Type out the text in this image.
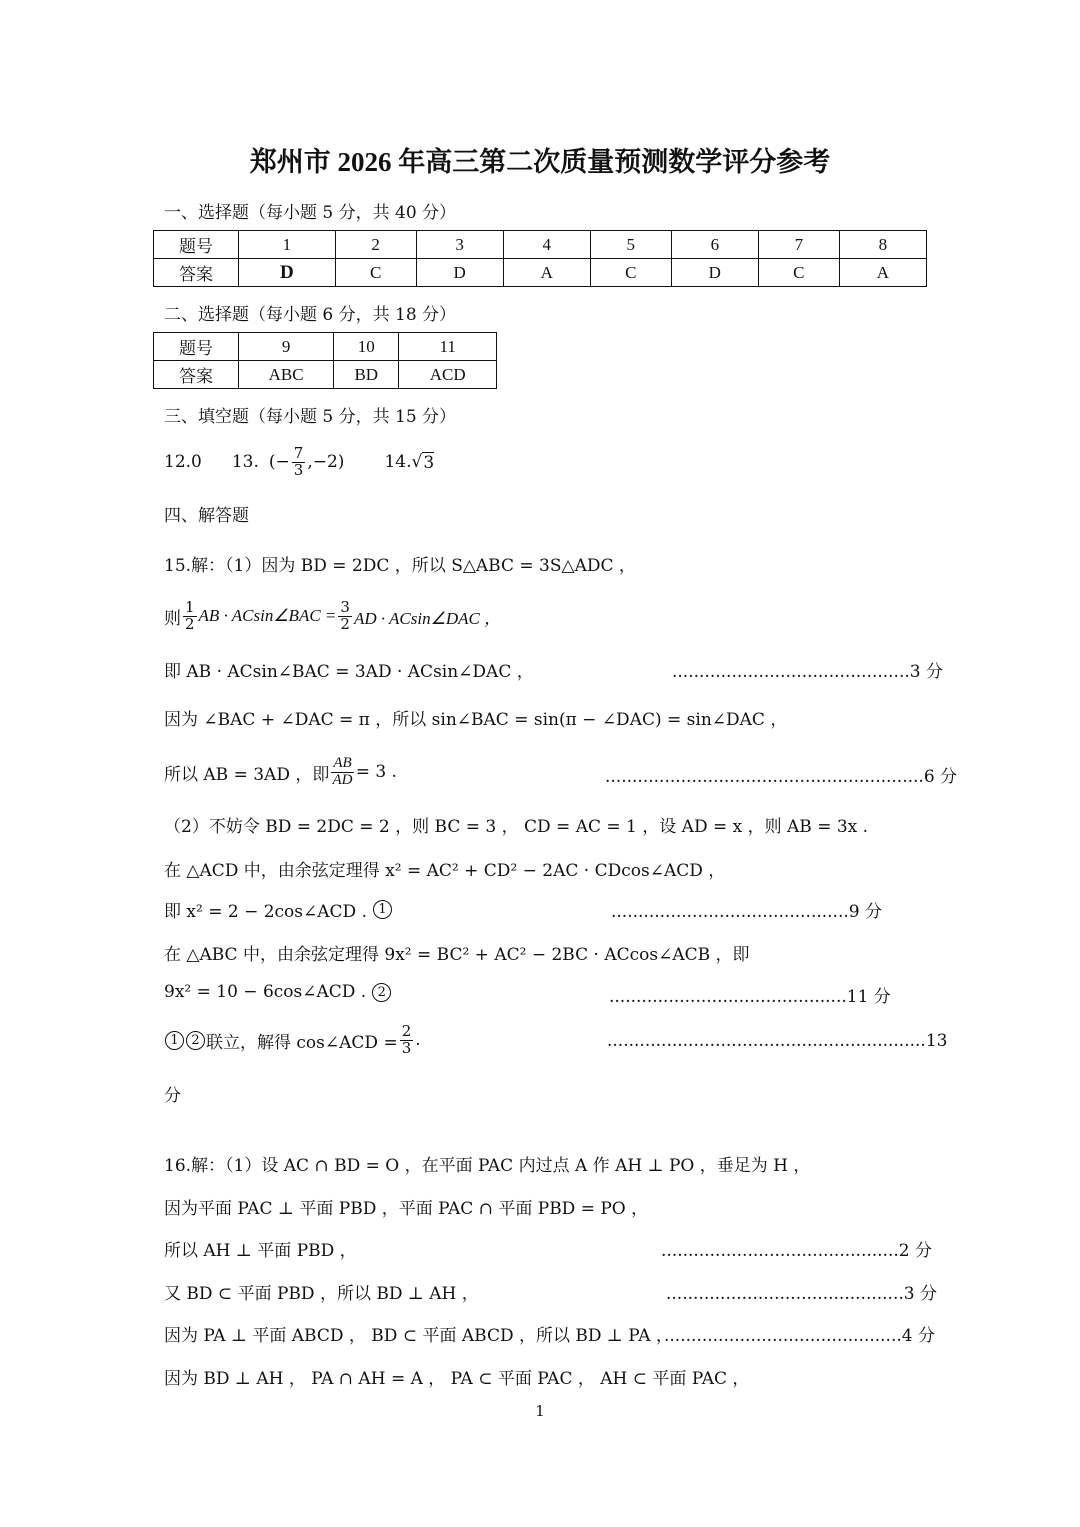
郑州市 2026 年高三第二次质量预测数学评分参考
一、选择题（每小题 5 分，共 40 分）
题号	1	2	3	4	5	6	7	8
答案	D	C	D	A	C	D	C	A
二、选择题（每小题 6 分，共 18 分）
题号	9	10	11
答案	ABC	BD	ACD
三、填空题（每小题 5 分，共 15 分）
12.0 13. (− $\frac{7}{3} ,-2$) 14. √ 3
四、解答题
15.解：（1）因为 BD = 2DC ，所以 S△ABC = 3S△ADC ，
则 $\frac{1}{2}$ AB · ACsin∠BAC = $\frac{3}{2}$ AD · ACsin∠DAC ，
即 AB · ACsin∠BAC = 3AD · ACsin∠DAC ，	............................................3 分
因为 ∠BAC + ∠DAC = π ，所以 sin∠BAC = sin(π − ∠DAC) = sin∠DAC ，
所以 AB = 3AD ，即 $\frac{AB}{AD} = 3$ .	...........................................................6 分
（2）不妨令 BD = 2DC = 2 ，则 BC = 3 ， CD = AC = 1 ，设 AD = x ，则 AB = 3x .
在 △ACD 中，由余弦定理得 x² = AC² + CD² − 2AC · CDcos∠ACD ，
即 x² = 2 − 2cos∠ACD . 1	............................................9 分
在 △ABC 中，由余弦定理得 9x² = BC² + AC² − 2BC · ACcos∠ACB ，即
9x² = 10 − 6cos∠ACD . 2	............................................11 分
1 2 联立，解得 cos∠ACD = $\frac{2}{3}$ .	...........................................................13
分
16.解：（1）设 AC ∩ BD = O ，在平面 PAC 内过点 A 作 AH ⊥ PO ，垂足为 H ，
因为平面 PAC ⊥ 平面 PBD ，平面 PAC ∩ 平面 PBD = PO ，
所以 AH ⊥ 平面 PBD ，	............................................2 分
又 BD ⊂ 平面 PBD ，所以 BD ⊥ AH ，	............................................3 分
因为 PA ⊥ 平面 ABCD ， BD ⊂ 平面 ABCD ，所以 BD ⊥ PA ，
............................................4 分
因为 BD ⊥ AH ， PA ∩ AH = A ， PA ⊂ 平面 PAC ， AH ⊂ 平面 PAC ，
1
